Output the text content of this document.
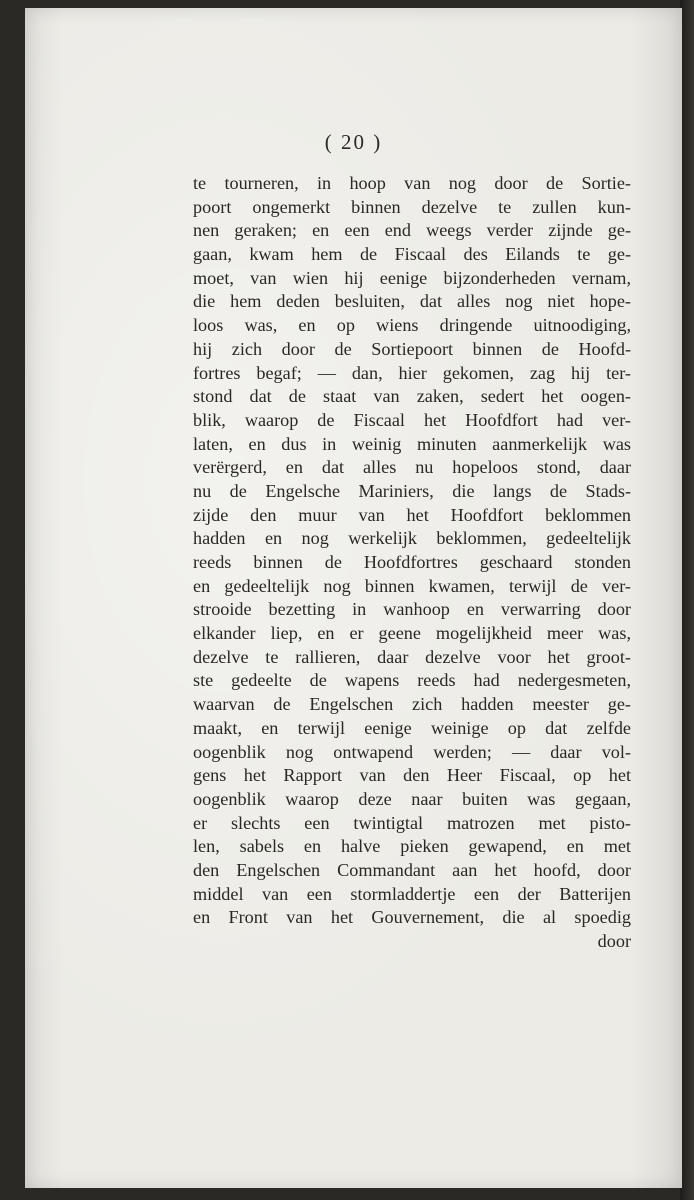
( 20 )
te tourneren, in hoop van nog door de Sortie-
poort ongemerkt binnen dezelve te zullen kun-
nen geraken; en een end weegs verder zijnde ge-
gaan, kwam hem de Fiscaal des Eilands te ge-
moet, van wien hij eenige bijzonderheden vernam,
die hem deden besluiten, dat alles nog niet hope-
loos was, en op wiens dringende uitnoodiging,
hij zich door de Sortiepoort binnen de Hoofd-
fortres begaf; — dan, hier gekomen, zag hij ter-
stond dat de staat van zaken, sedert het oogen-
blik, waarop de Fiscaal het Hoofdfort had ver-
laten, en dus in weinig minuten aanmerkelijk was
verërgerd, en dat alles nu hopeloos stond, daar
nu de Engelsche Mariniers, die langs de Stads-
zijde den muur van het Hoofdfort beklommen
hadden en nog werkelijk beklommen, gedeeltelijk
reeds binnen de Hoofdfortres geschaard stonden
en gedeeltelijk nog binnen kwamen, terwijl de ver-
strooide bezetting in wanhoop en verwarring door
elkander liep, en er geene mogelijkheid meer was,
dezelve te rallieren, daar dezelve voor het groot-
ste gedeelte de wapens reeds had nedergesmeten,
waarvan de Engelschen zich hadden meester ge-
maakt, en terwijl eenige weinige op dat zelfde
oogenblik nog ontwapend werden; — daar vol-
gens het Rapport van den Heer Fiscaal, op het
oogenblik waarop deze naar buiten was gegaan,
er slechts een twintigtal matrozen met pisto-
len, sabels en halve pieken gewapend, en met
den Engelschen Commandant aan het hoofd, door
middel van een stormladdertje een der Batterijen
en Front van het Gouvernement, die al spoedig
door
